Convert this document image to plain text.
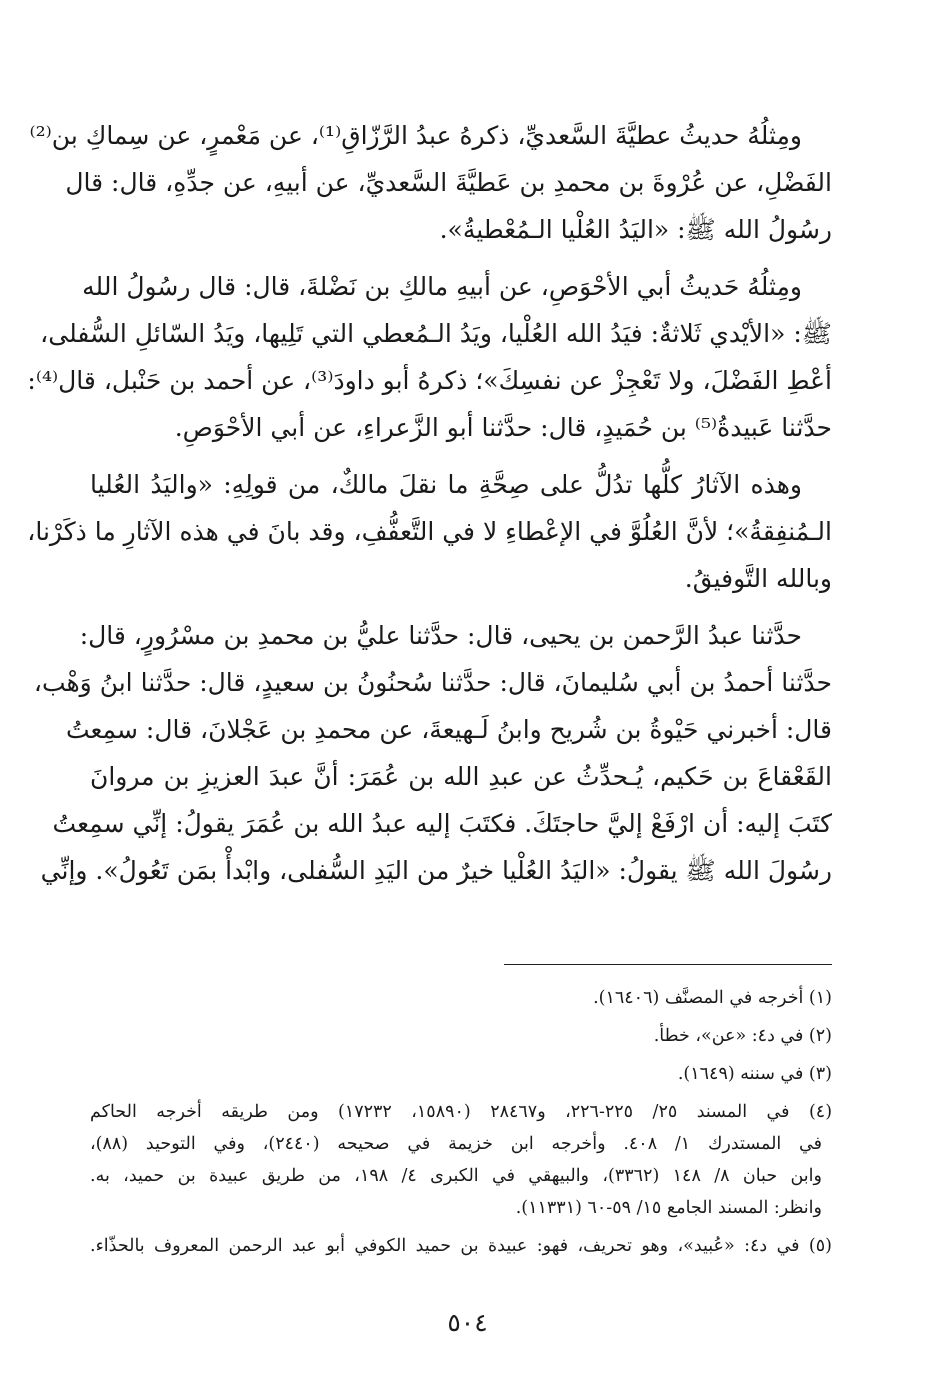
ومِثلُهُ حديثُ عطيَّةَ السَّعديِّ، ذكرهُ عبدُ الرَّزّاقِ⁽¹⁾، عن مَعْمرٍ، عن سِماكِ بن⁽²⁾
الفَضْلِ، عن عُرْوةَ بن محمدِ بن عَطيَّةَ السَّعديِّ، عن أبيهِ، عن جدِّهِ، قال: قال
رسُولُ الله ﷺ: «اليَدُ العُلْيا الـمُعْطيةُ».
ومِثلُهُ حَديثُ أبي الأحْوَصِ، عن أبيهِ مالكِ بن نَضْلةَ، قال: قال رسُولُ الله
ﷺ: «الأيْدي ثَلاثةٌ: فيَدُ الله العُلْيا، ويَدُ الـمُعطي التي تَلِيها، ويَدُ السّائلِ السُّفلى،
أعْطِ الفَضْلَ، ولا تَعْجِزْ عن نفسِكَ»؛ ذكرهُ أبو داودَ⁽³⁾، عن أحمد بن حَنْبل، قال⁽⁴⁾:
حدَّثنا عَبيدةُ⁽⁵⁾ بن حُمَيدٍ، قال: حدَّثنا أبو الزَّعراءِ، عن أبي الأحْوَصِ.
وهذه الآثارُ كلُّها تدُلُّ على صِحَّةِ ما نقلَ مالكٌ، من قولِهِ: «واليَدُ العُليا
الـمُنفِقةُ»؛ لأنَّ العُلُوَّ في الإعْطاءِ لا في التَّعفُّفِ، وقد بانَ في هذه الآثارِ ما ذكَرْنا،
وبالله التَّوفيقُ.
حدَّثنا عبدُ الرَّحمن بن يحيى، قال: حدَّثنا عليُّ بن محمدِ بن مسْرُورٍ، قال:
حدَّثنا أحمدُ بن أبي سُليمانَ، قال: حدَّثنا سُحنُونُ بن سعيدٍ، قال: حدَّثنا ابنُ وَهْب،
قال: أخبرني حَيْوةُ بن شُريح وابنُ لَـهيعةَ، عن محمدِ بن عَجْلانَ، قال: سمِعتُ
القَعْقاعَ بن حَكيم، يُـحدِّثُ عن عبدِ الله بن عُمَرَ: أنَّ عبدَ العزيزِ بن مروانَ
كتَبَ إليه: أن ارْفَعْ إليَّ حاجتَكَ. فكتَبَ إليه عبدُ الله بن عُمَرَ يقولُ: إنِّي سمِعتُ
رسُولَ الله ﷺ يقولُ: «اليَدُ العُلْيا خيرٌ من اليَدِ السُّفلى، وابْدأْ بمَن تَعُولُ». وإنِّي
(١) أخرجه في المصنَّف (١٦٤٠٦).
(٢) في د٤: «عن»، خطأ.
(٣) في سننه (١٦٤٩).
(٤) في المسند ٢٥/ ٢٢٥-٢٢٦، و٢٨٤٦٧ (١٥٨٩٠، ١٧٢٣٢) ومن طريقه أخرجه الحاكم
في المستدرك ١/ ٤٠٨. وأخرجه ابن خزيمة في صحيحه (٢٤٤٠)، وفي التوحيد (٨٨)،
وابن حبان ٨/ ١٤٨ (٣٣٦٢)، والبيهقي في الكبرى ٤/ ١٩٨، من طريق عبيدة بن حميد، به.
وانظر: المسند الجامع ١٥/ ٥٩-٦٠ (١١٣٣١).
(٥) في د٤: «عُبيد»، وهو تحريف، فهو: عبيدة بن حميد الكوفي أبو عبد الرحمن المعروف بالحذّاء.
٥٠٤
